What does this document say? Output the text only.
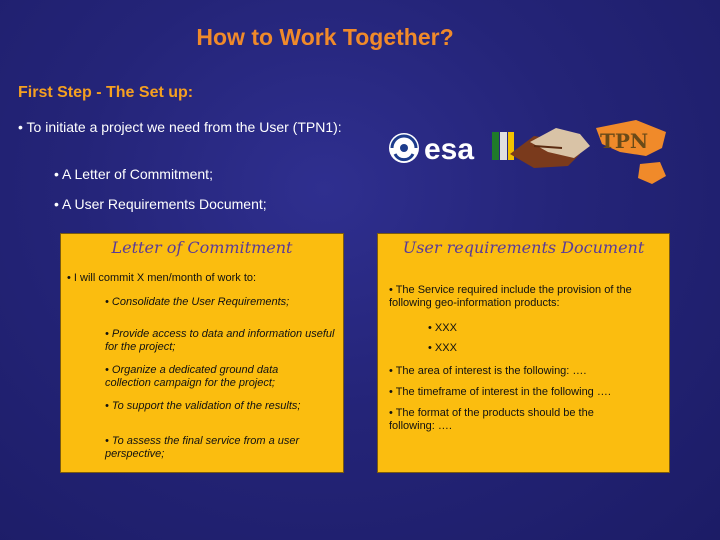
How to Work Together?
First Step - The Set up:
• To initiate a project we need from the User (TPN1):
• A Letter of Commitment;
• A User Requirements Document;
esa	TPN
Letter of Commitment
• I will commit X men/month of work to:
• Consolidate the User Requirements;
• Provide access to data and information useful for the project;
• Organize a dedicated ground data collection campaign for the project;
• To support the validation of the results;
• To assess the final service from a user perspective;
User requirements Document
• The Service required include the provision of the following geo-information products:
• XXX
• XXX
• The area of interest is the following: ….
• The timeframe of interest in the following ….
• The format of the products should be the following: ….
